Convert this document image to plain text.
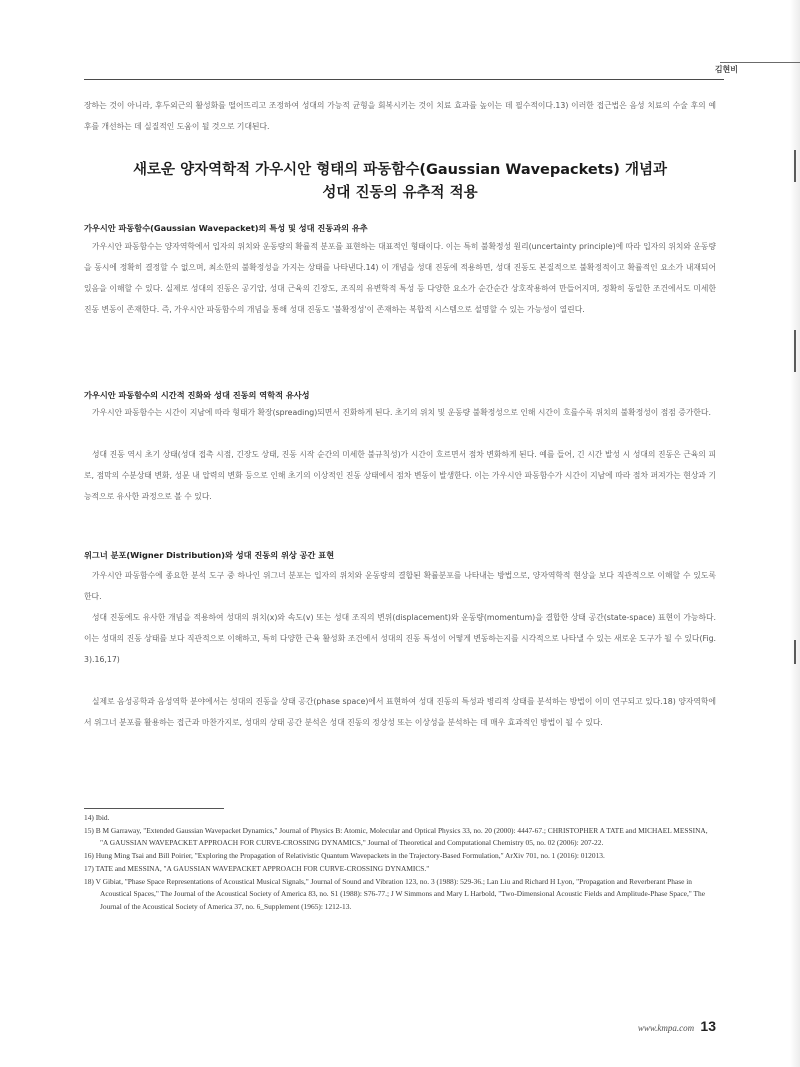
김현비

장하는 것이 아니라, 후두외근의 활성화를 떨어뜨리고 조정하여 성대의 가능적 균형을 회복시키는 것이 치료 효과를 높이는 데 필수적이다.13) 이러한 접근법은 음성 치료의 수술 후의 예후를 개선하는 데 실질적인 도움이 될 것으로 기대된다.

새로운 양자역학적 가우시안 형태의 파동함수(Gaussian Wavepackets) 개념과
성대 진동의 유추적 적용
가우시안 파동함수(Gaussian Wavepacket)의 특성 및 성대 진동과의 유추

가우시안 파동함수는 양자역학에서 입자의 위치와 운동량의 확률적 분포를 표현하는 대표적인 형태이다. 이는 특히 불확정성 원리(uncertainty principle)에 따라 입자의 위치와 운동량을 동시에 정확히 결정할 수 없으며, 최소한의 불확정성을 가지는 상태를 나타낸다.14) 이 개념을 성대 진동에 적용하면, 성대 진동도 본질적으로 불확정적이고 확률적인 요소가 내재되어 있음을 이해할 수 있다. 실제로 성대의 진동은 공기압, 성대 근육의 긴장도, 조직의 유변학적 특성 등 다양한 요소가 순간순간 상호작용하여 만들어지며, 정확히 동일한 조건에서도 미세한 진동 변동이 존재한다. 즉, 가우시안 파동함수의 개념을 통해 성대 진동도 '불확정성'이 존재하는 복합적 시스템으로 설명할 수 있는 가능성이 열린다.

가우시안 파동함수의 시간적 진화와 성대 진동의 역학적 유사성

가우시안 파동함수는 시간이 지남에 따라 형태가 확장(spreading)되면서 진화하게 된다. 초기의 위치 및 운동량 불확정성으로 인해 시간이 흐를수록 위치의 불확정성이 점점 증가한다.

성대 진동 역시 초기 상태(성대 접촉 시점, 긴장도 상태, 진동 시작 순간의 미세한 불규칙성)가 시간이 흐르면서 점차 변화하게 된다. 예를 들어, 긴 시간 발성 시 성대의 진동은 근육의 피로, 점막의 수분상태 변화, 성문 내 압력의 변화 등으로 인해 초기의 이상적인 진동 상태에서 점차 변동이 발생한다. 이는 가우시안 파동함수가 시간이 지남에 따라 점차 퍼져가는 현상과 기능적으로 유사한 과정으로 볼 수 있다.

위그너 분포(Wigner Distribution)와 성대 진동의 위상 공간 표현

가우시안 파동함수에 종요한 분석 도구 중 하나인 위그너 분포는 입자의 위치와 운동량의 결합된 확률분포를 나타내는 방법으로, 양자역학적 현상을 보다 직관적으로 이해할 수 있도록 한다.

성대 진동에도 유사한 개념을 적용하여 성대의 위치(x)와 속도(v) 또는 성대 조직의 변위(displacement)와 운동량(momentum)을 결합한 상태 공간(state-space) 표현이 가능하다. 이는 성대의 진동 상태를 보다 직관적으로 이해하고, 특히 다양한 근육 활성화 조건에서 성대의 진동 특성이 어떻게 변동하는지를 시각적으로 나타낼 수 있는 새로운 도구가 될 수 있다(Fig. 3).16,17)

실제로 음성공학과 음성역학 분야에서는 성대의 진동을 상태 공간(phase space)에서 표현하여 성대 진동의 특성과 병리적 상태를 분석하는 방법이 이미 연구되고 있다.18) 양자역학에서 위그너 분포를 활용하는 접근과 마찬가지로, 성대의 상태 공간 분석은 성대 진동의 정상성 또는 이상성을 분석하는 데 매우 효과적인 방법이 될 수 있다.

14) Ibid.
15) B M Garraway, "Extended Gaussian Wavepacket Dynamics," Journal of Physics B: Atomic, Molecular and Optical Physics 33, no. 20 (2000): 4447-67.; CHRISTOPHER A TATE and MICHAEL MESSINA, "A GAUSSIAN WAVEPACKET APPROACH FOR CURVE-CROSSING DYNAMICS," Journal of Theoretical and Computational Chemistry 05, no. 02 (2006): 207-22.
16) Hung Ming Tsai and Bill Poirier, "Exploring the Propagation of Relativistic Quantum Wavepackets in the Trajectory-Based Formulation," ArXiv 701, no. 1 (2016): 012013.
17) TATE and MESSINA, "A GAUSSIAN WAVEPACKET APPROACH FOR CURVE-CROSSING DYNAMICS."
18) V Gibiat, "Phase Space Representations of Acoustical Musical Signals," Journal of Sound and Vibration 123, no. 3 (1988): 529-36.; Lan Liu and Richard H Lyon, "Propagation and Reverberant Phase in Acoustical Spaces," The Journal of the Acoustical Society of America 83, no. S1 (1988): S76-77.; J W Simmons and Mary L Harbold, "Two-Dimensional Acoustic Fields and Amplitude-Phase Space," The Journal of the Acoustical Society of America 37, no. 6_Supplement (1965): 1212-13.
www.kmpa.com 13
